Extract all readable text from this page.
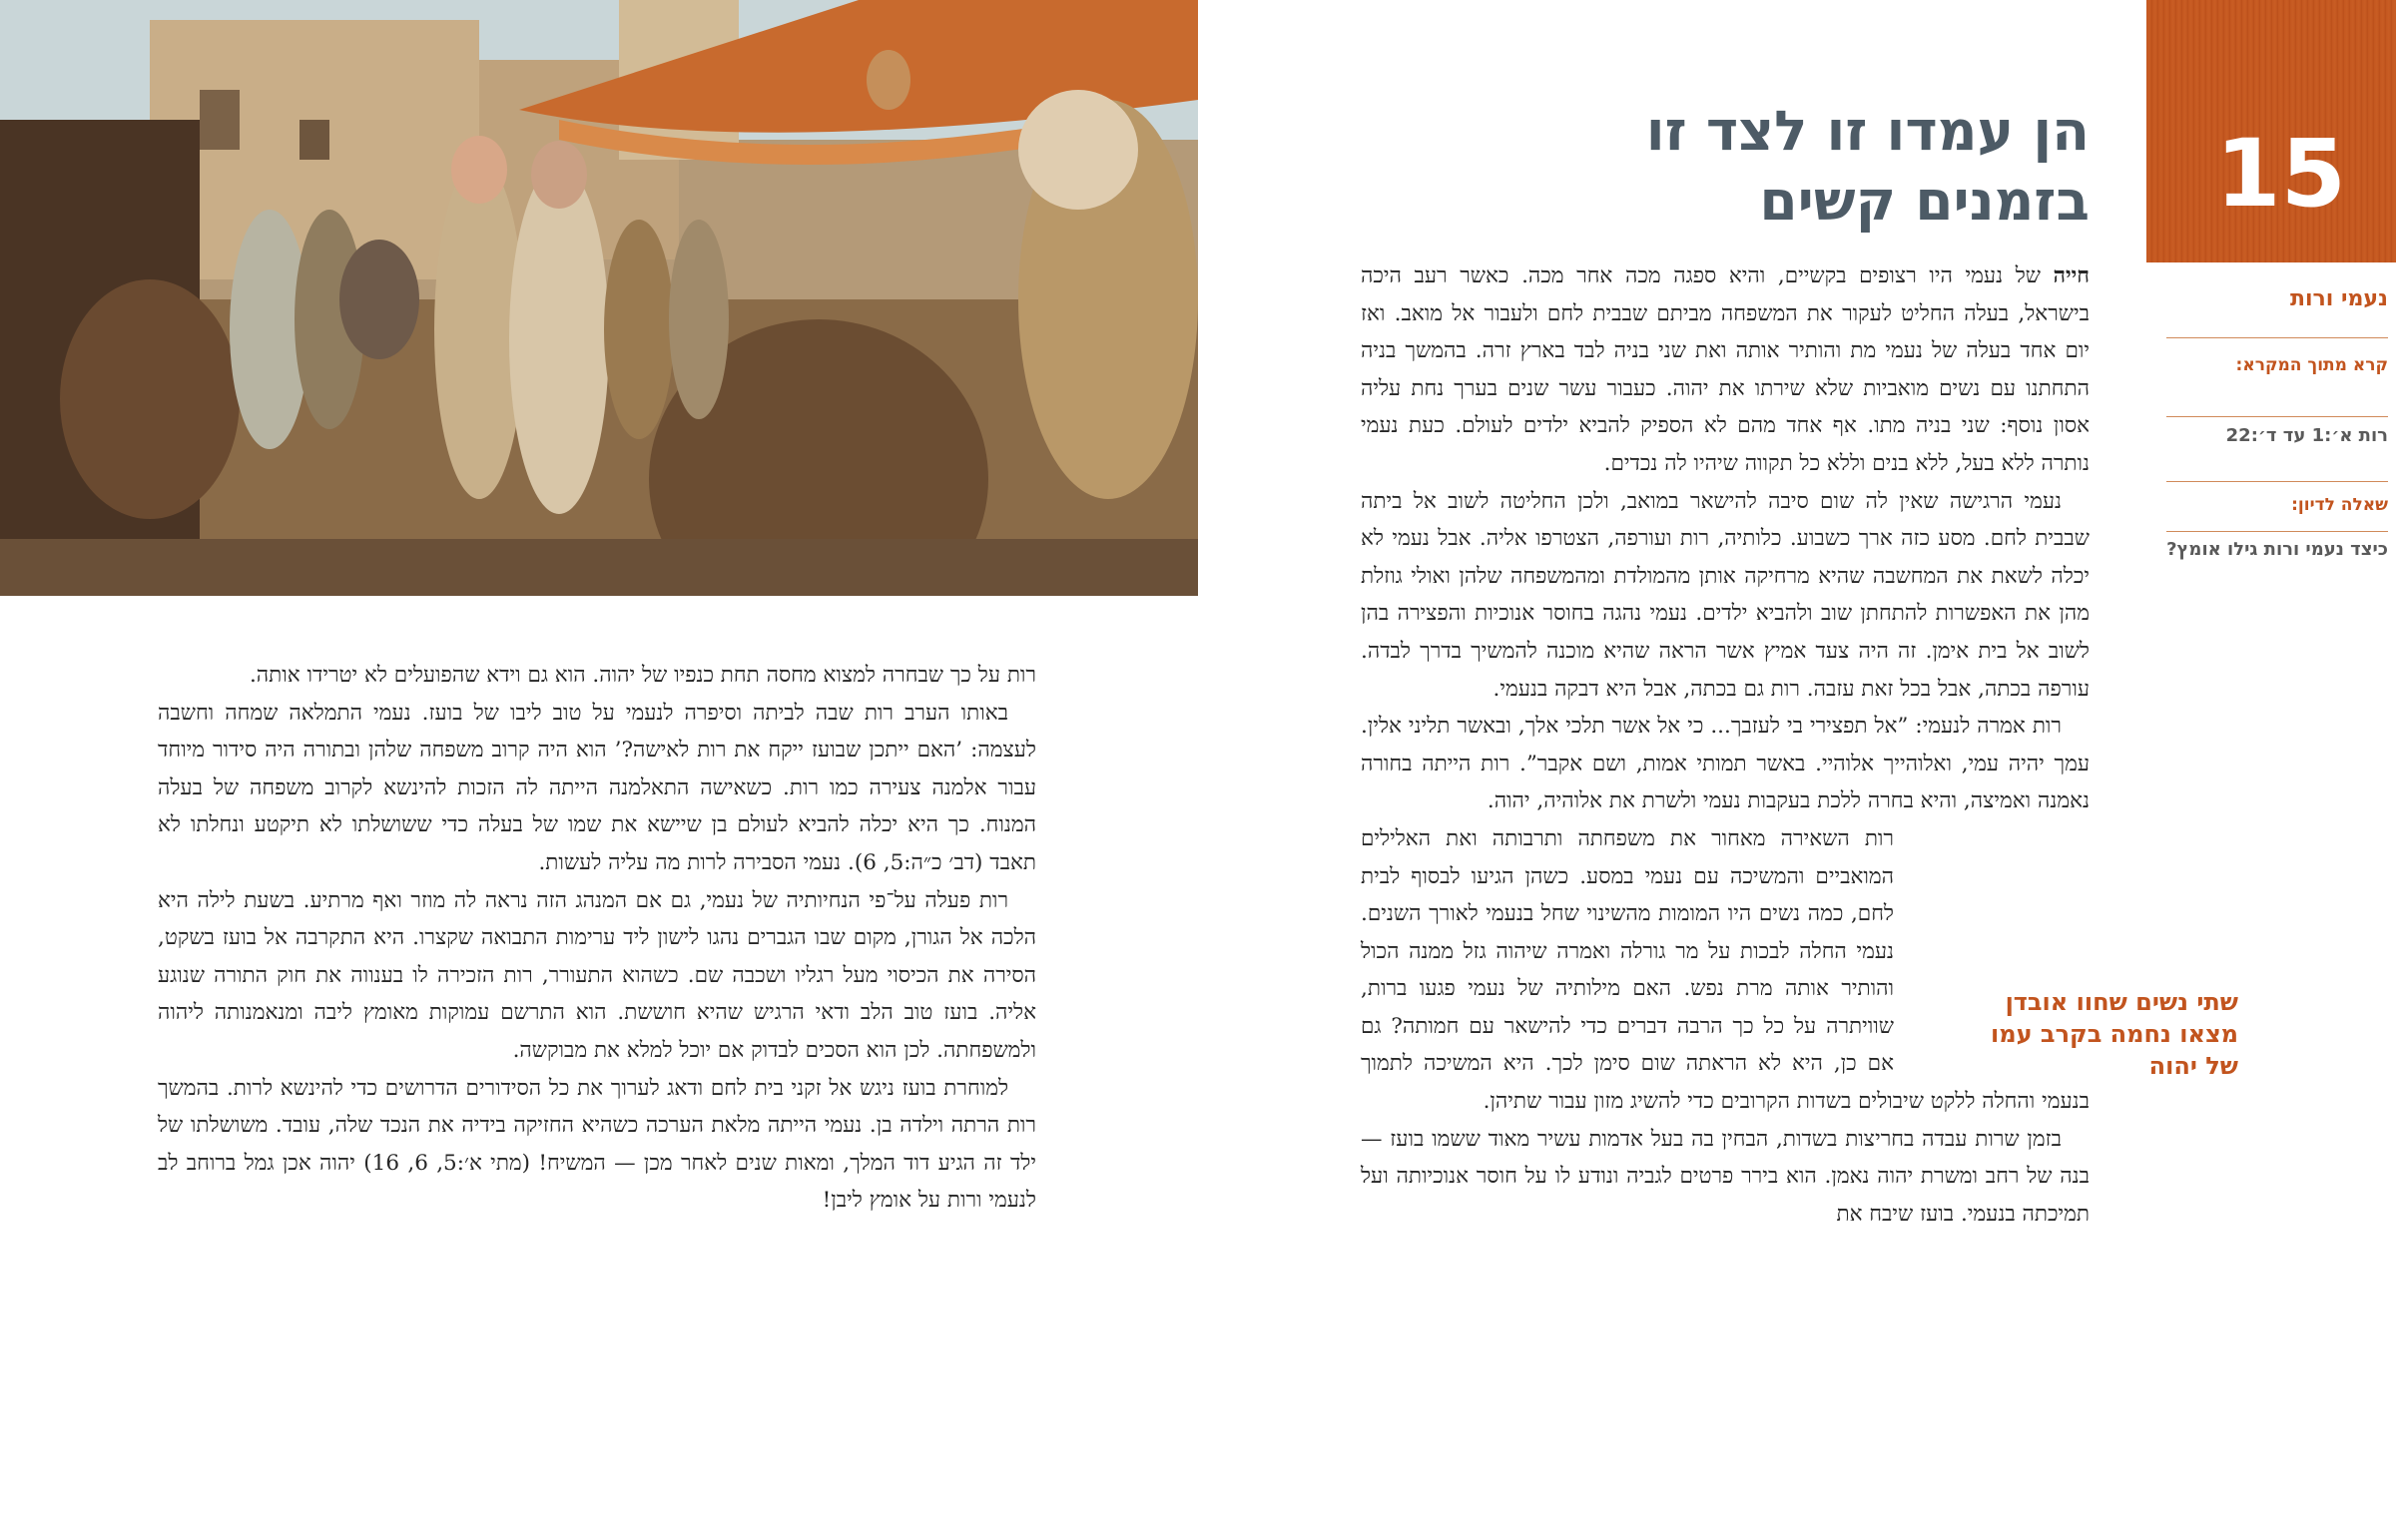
15
נעמי ורות
קרא מתוך המקרא:
רות א׳:1 עד ד׳:22
שאלה לדיון:
כיצד נעמי ורות גילו אומץ?
הן עמדו זו לצד זו
בזמנים קשים

חייה של נעמי היו רצופים בקשיים, והיא ספגה מכה אחר מכה. כאשר רעב היכה בישראל, בעלה החליט לעקור את המשפחה מביתם שבבית לחם ולעבור אל מואב. ואז יום אחד בעלה של נעמי מת והותיר אותה ואת שני בניה לבד בארץ זרה. בהמשך בניה התחתנו עם נשים מואביות שלא שירתו את יהוה. כעבור עשר שנים בערך נחת עליה אסון נוסף: שני בניה מתו. אף אחד מהם לא הספיק להביא ילדים לעולם. כעת נעמי נותרה ללא בעל, ללא בנים וללא כל תקווה שיהיו לה נכדים.

נעמי הרגישה שאין לה שום סיבה להישאר במואב, ולכן החליטה לשוב אל ביתה שבבית לחם. מסע כזה ארך כשבוע. כלותיה, רות ועורפה, הצטרפו אליה. אבל נעמי לא יכלה לשאת את המחשבה שהיא מרחיקה אותן מהמולדת ומהמשפחה שלהן ואולי גוזלת מהן את האפשרות להתחתן שוב ולהביא ילדים. נעמי נהגה בחוסר אנוכיות והפצירה בהן לשוב אל בית אימן. זה היה צעד אמיץ אשר הראה שהיא מוכנה להמשיך בדרך לבדה. עורפה בכתה, אבל בכל זאת עזבה. רות גם בכתה, אבל היא דבקה בנעמי.

רות אמרה לנעמי: ”אל תפצירי בי לעזבך... כי אל אשר תלכי אלך, ובאשר תליני אלין. עמך יהיה עמי, ואלוהייך אלוהיי. באשר תמותי אמות, ושם אקבר”. רות הייתה בחורה נאמנה ואמיצה, והיא בחרה ללכת בעקבות נעמי ולשרת את אלוהיה, יהוה.

רות השאירה מאחור את משפחתה ותרבותה ואת האלילים המואביים והמשיכה עם נעמי במסע. כשהן הגיעו לבסוף לבית לחם, כמה נשים היו המומות מהשינוי שחל בנעמי לאורך השנים. נעמי החלה לבכות על מר גורלה ואמרה שיהוה גזל ממנה הכול והותיר אותה מרת נפש. האם מילותיה של נעמי פגעו ברות, שוויתרה על כל כך הרבה דברים כדי להישאר עם חמותה? גם אם כן, היא לא הראתה שום סימן לכך. היא המשיכה לתמוך בנעמי והחלה ללקט שיבולים בשדות הקרובים כדי להשיג מזון עבור שתיהן.

בזמן שרות עבדה בחריצות בשדות, הבחין בה בעל אדמות עשיר מאוד ששמו בועז — בנה של רחב ומשרת יהוה נאמן. הוא בירר פרטים לגביה ונודע לו על חוסר אנוכיותה ועל תמיכתה בנעמי. בועז שיבח את

שתי נשים שחוו אובדן מצאו נחמה בקרב עמו של יהוה

רות על כך שבחרה למצוא מחסה תחת כנפיו של יהוה. הוא גם וידא שהפועלים לא יטרידו אותה.

באותו הערב רות שבה לביתה וסיפרה לנעמי על טוב ליבו של בועז. נעמי התמלאה שמחה וחשבה לעצמה: ’האם ייתכן שבועז ייקח את רות לאישה?’ הוא היה קרוב משפחה שלהן ובתורה היה סידור מיוחד עבור אלמנה צעירה כמו רות. כשאישה התאלמנה הייתה לה הזכות להינשא לקרוב משפחה של בעלה המנוח. כך היא יכלה להביא לעולם בן שיישא את שמו של בעלה כדי ששושלתו לא תיקטע ונחלתו לא תאבד (דב׳ כ״ה:5, 6). נעמי הסבירה לרות מה עליה לעשות.

רות פעלה על־פי הנחיותיה של נעמי, גם אם המנהג הזה נראה לה מוזר ואף מרתיע. בשעת לילה היא הלכה אל הגורן, מקום שבו הגברים נהגו לישון ליד ערימות התבואה שקצרו. היא התקרבה אל בועז בשקט, הסירה את הכיסוי מעל רגליו ושכבה שם. כשהוא התעורר, רות הזכירה לו בענווה את חוק התורה שנוגע אליה. בועז טוב הלב ודאי הרגיש שהיא חוששת. הוא התרשם עמוקות מאומץ ליבה ומנאמנותה ליהוה ולמשפחתה. לכן הוא הסכים לבדוק אם יוכל למלא את מבוקשה.

למוחרת בועז ניגש אל זקני בית לחם ודאג לערוך את כל הסידורים הדרושים כדי להינשא לרות. בהמשך רות הרתה וילדה בן. נעמי הייתה מלאת הערכה כשהיא החזיקה בידיה את הנכד שלה, עובד. משושלתו של ילד זה הגיע דוד המלך, ומאות שנים לאחר מכן — המשיח! (מתי א׳:5, 6, 16) יהוה אכן גמל ברוחב לב לנעמי ורות על אומץ ליבן!
